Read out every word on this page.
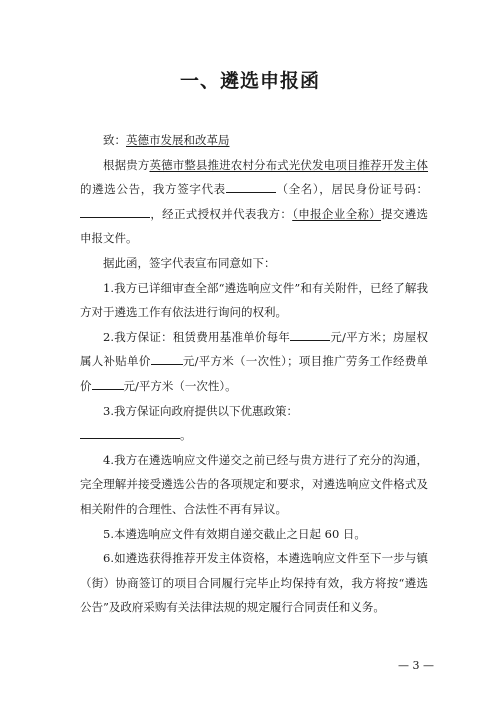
一、遴选申报函

致：英德市发展和改革局

根据贵方英德市整县推进农村分布式光伏发电项目推荐开发主体的遴选公告，我方签字代表	（全名），居民身份证号码：，经正式授权并代表我方：（申报企业全称）提交遴选申报文件。

据此函，签字代表宣布同意如下：

1.我方已详细审查全部“遴选响应文件”和有关附件，已经了解我方对于遴选工作有依法进行询问的权利。

2.我方保证：租赁费用基准单价每年	元/平方米；房屋权属人补贴单价	元/平方米（一次性）；项目推广劳务工作经费单价	元/平方米（一次性）。

3.我方保证向政府提供以下优惠政策：

。

4.我方在遴选响应文件递交之前已经与贵方进行了充分的沟通，完全理解并接受遴选公告的各项规定和要求，对遴选响应文件格式及相关附件的合理性、合法性不再有异议。

5.本遴选响应文件有效期自递交截止之日起 60 日。

6.如遴选获得推荐开发主体资格，本遴选响应文件至下一步与镇（街）协商签订的项目合同履行完毕止均保持有效，我方将按“遴选公告”及政府采购有关法律法规的规定履行合同责任和义务。

— 3 —
